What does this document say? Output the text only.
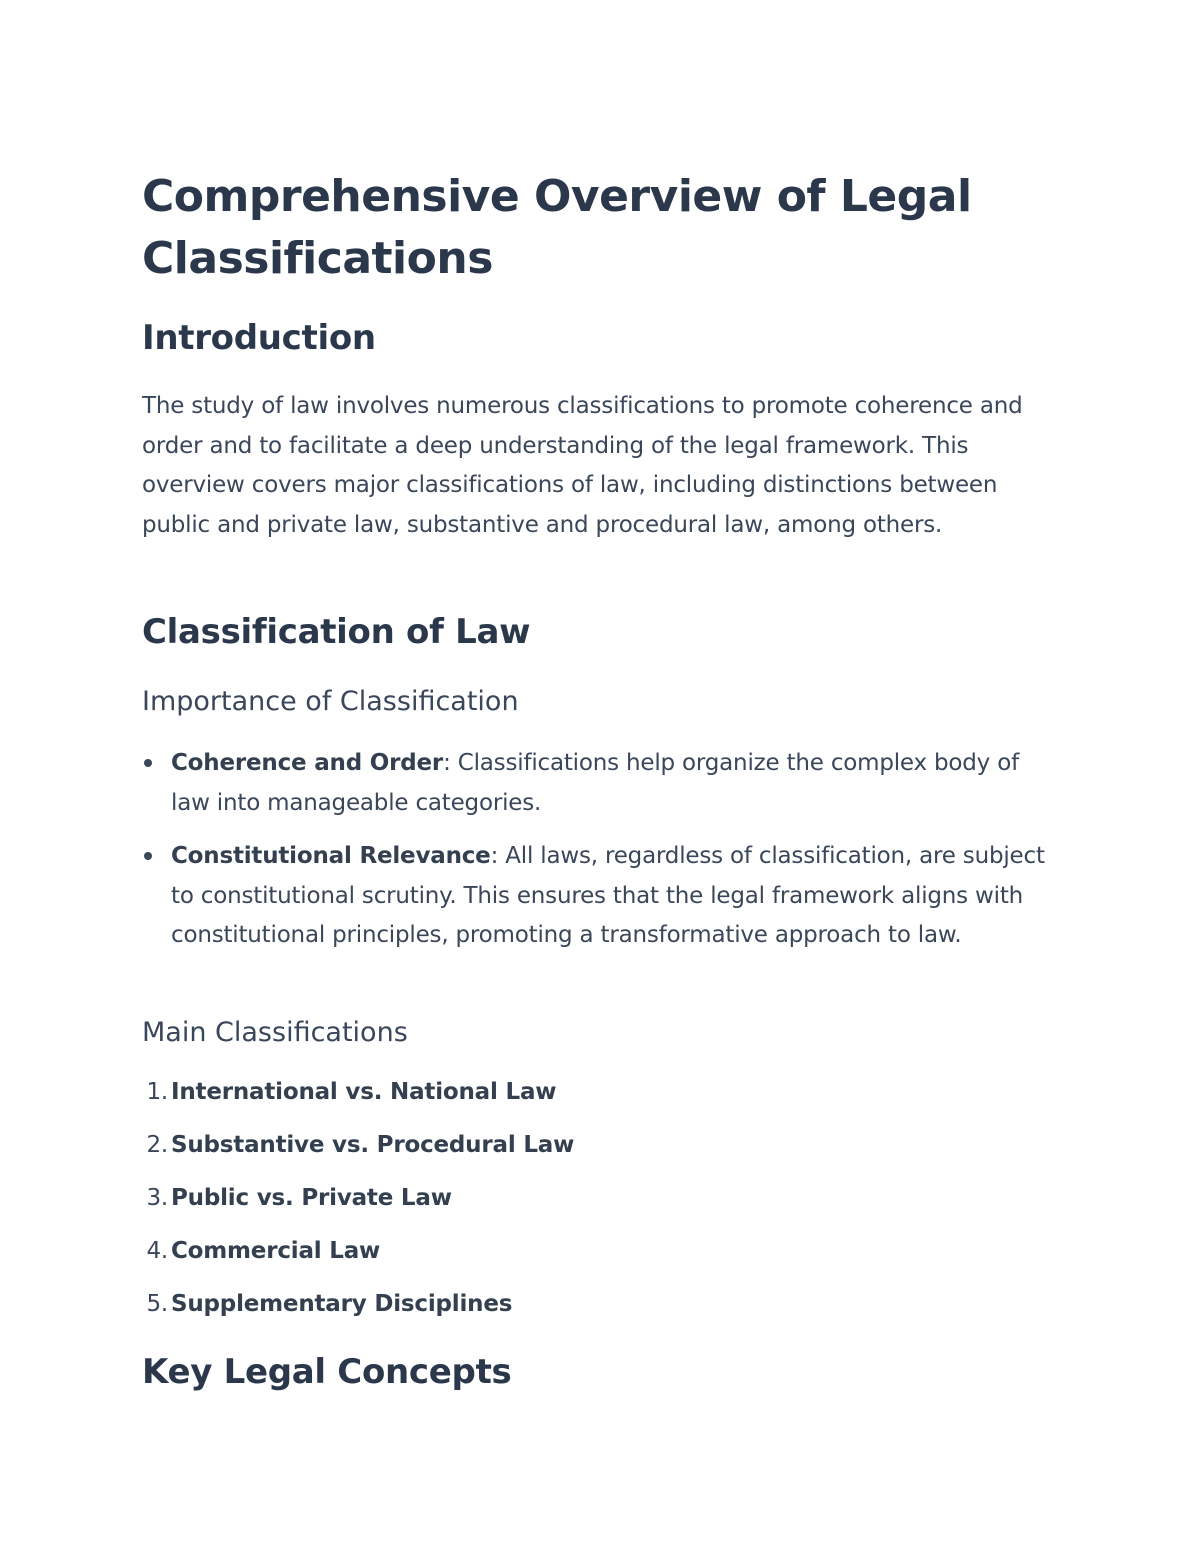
Comprehensive Overview of Legal Classifications
Introduction

The study of law involves numerous classifications to promote coherence and order and to facilitate a deep understanding of the legal framework. This overview covers major classifications of law, including distinctions between public and private law, substantive and procedural law, among others.

Classification of Law
Importance of Classification
Coherence and Order: Classifications help organize the complex body of law into manageable categories.
Constitutional Relevance: All laws, regardless of classification, are subject to constitutional scrutiny. This ensures that the legal framework aligns with constitutional principles, promoting a transformative approach to law.
Main Classifications
1. International vs. National Law
2. Substantive vs. Procedural Law
3. Public vs. Private Law
4. Commercial Law
5. Supplementary Disciplines
Key Legal Concepts
